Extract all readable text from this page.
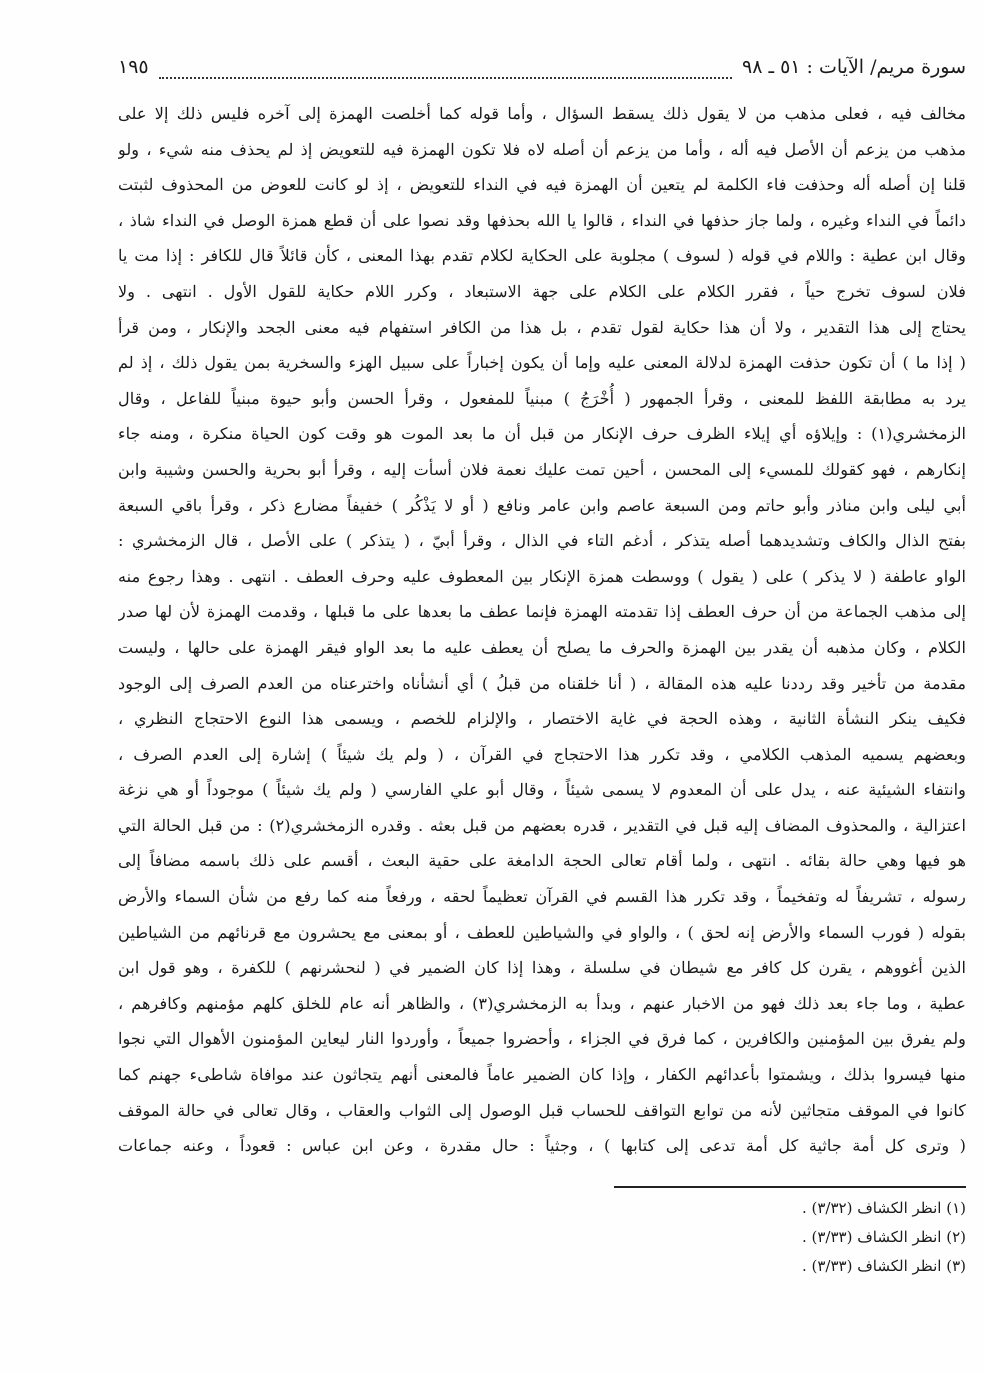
سورة مريم/ الآيات : ٥١ ـ ٩٨
١٩٥
مخالف فيه ، فعلى مذهب من لا يقول ذلك يسقط السؤال ، وأما قوله كما أخلصت الهمزة إلى آخره فليس ذلك إلا على
مذهب من يزعم أن الأصل فيه أله ، وأما من يزعم أن أصله لاه فلا تكون الهمزة فيه للتعويض إذ لم يحذف منه شيء ، ولو
قلنا إن أصله أله وحذفت فاء الكلمة لم يتعين أن الهمزة فيه في النداء للتعويض ، إذ لو كانت للعوض من المحذوف لثبتت
دائماً في النداء وغيره ، ولما جاز حذفها في النداء ، قالوا يا الله بحذفها وقد نصوا على أن قطع همزة الوصل في النداء شاذ ،
وقال ابن عطية : واللام في قوله ( لسوف ) مجلوبة على الحكاية لكلام تقدم بهذا المعنى ، كأن قائلاً قال للكافر : إذا مت يا
فلان لسوف تخرج حياً ، فقرر الكلام على الكلام على جهة الاستبعاد ، وكرر اللام حكاية للقول الأول . انتهى . ولا
يحتاج إلى هذا التقدير ، ولا أن هذا حكاية لقول تقدم ، بل هذا من الكافر استفهام فيه معنى الجحد والإنكار ، ومن قرأ
( إذا ما ) أن تكون حذفت الهمزة لدلالة المعنى عليه وإما أن يكون إخباراً على سبيل الهزء والسخرية بمن يقول ذلك ، إذ لم
يرد به مطابقة اللفظ للمعنى ، وقرأ الجمهور ( أُخْرَجُ ) مبنياً للمفعول ، وقرأ الحسن وأبو حيوة مبنياً للفاعل ، وقال
الزمخشري(١) : وإيلاؤه أي إيلاء الظرف حرف الإنكار من قبل أن ما بعد الموت هو وقت كون الحياة منكرة ، ومنه جاء
إنكارهم ، فهو كقولك للمسيء إلى المحسن ، أحين تمت عليك نعمة فلان أسأت إليه ، وقرأ أبو بحرية والحسن وشيبة وابن
أبي ليلى وابن مناذر وأبو حاتم ومن السبعة عاصم وابن عامر ونافع ( أو لا يَذْكُر ) خفيفاً مضارع ذكر ، وقرأ باقي السبعة
بفتح الذال والكاف وتشديدهما أصله يتذكر ، أدغم التاء في الذال ، وقرأ أبيّ ، ( يتذكر ) على الأصل ، قال الزمخشري :
الواو عاطفة ( لا يذكر ) على ( يقول ) ووسطت همزة الإنكار بين المعطوف عليه وحرف العطف . انتهى . وهذا رجوع منه
إلى مذهب الجماعة من أن حرف العطف إذا تقدمته الهمزة فإنما عطف ما بعدها على ما قبلها ، وقدمت الهمزة لأن لها صدر
الكلام ، وكان مذهبه أن يقدر بين الهمزة والحرف ما يصلح أن يعطف عليه ما بعد الواو فيقر الهمزة على حالها ، وليست
مقدمة من تأخير وقد رددنا عليه هذه المقالة ، ( أنا خلقناه من قبلُ ) أي أنشأناه واخترعناه من العدم الصرف إلى الوجود
فكيف ينكر النشأة الثانية ، وهذه الحجة في غاية الاختصار ، والإلزام للخصم ، ويسمى هذا النوع الاحتجاج النظري ،
وبعضهم يسميه المذهب الكلامي ، وقد تكرر هذا الاحتجاج في القرآن ، ( ولم يك شيئاً ) إشارة إلى العدم الصرف ،
وانتفاء الشيئية عنه ، يدل على أن المعدوم لا يسمى شيئاً ، وقال أبو علي الفارسي ( ولم يك شيئاً ) موجوداً أو هي نزغة
اعتزالية ، والمحذوف المضاف إليه قبل في التقدير ، قدره بعضهم من قبل بعثه . وقدره الزمخشري(٢) : من قبل الحالة التي
هو فيها وهي حالة بقائه . انتهى ، ولما أقام تعالى الحجة الدامغة على حقية البعث ، أقسم على ذلك باسمه مضافاً إلى
رسوله ، تشريفاً له وتفخيماً ، وقد تكرر هذا القسم في القرآن تعظيماً لحقه ، ورفعاً منه كما رفع من شأن السماء والأرض
بقوله ( فورب السماء والأرض إنه لحق ) ، والواو في والشياطين للعطف ، أو بمعنى مع يحشرون مع قرنائهم من الشياطين
الذين أغووهم ، يقرن كل كافر مع شيطان في سلسلة ، وهذا إذا كان الضمير في ( لنحشرنهم ) للكفرة ، وهو قول ابن
عطية ، وما جاء بعد ذلك فهو من الاخبار عنهم ، وبدأ به الزمخشري(٣) ، والظاهر أنه عام للخلق كلهم مؤمنهم وكافرهم ،
ولم يفرق بين المؤمنين والكافرين ، كما فرق في الجزاء ، وأحضروا جميعاً ، وأوردوا النار ليعاين المؤمنون الأهوال التي نجوا
منها فيسروا بذلك ، ويشمتوا بأعدائهم الكفار ، وإذا كان الضمير عاماً فالمعنى أنهم يتجاثون عند موافاة شاطىء جهنم كما
كانوا في الموقف متجاثين لأنه من توابع التواقف للحساب قبل الوصول إلى الثواب والعقاب ، وقال تعالى في حالة الموقف
( وترى كل أمة جاثية كل أمة تدعى إلى كتابها ) ، وجثياً : حال مقدرة ، وعن ابن عباس : قعوداً ، وعنه جماعات
(١) انظر الكشاف (٣/٣٢) .
(٢) انظر الكشاف (٣/٣٣) .
(٣) انظر الكشاف (٣/٣٣) .
